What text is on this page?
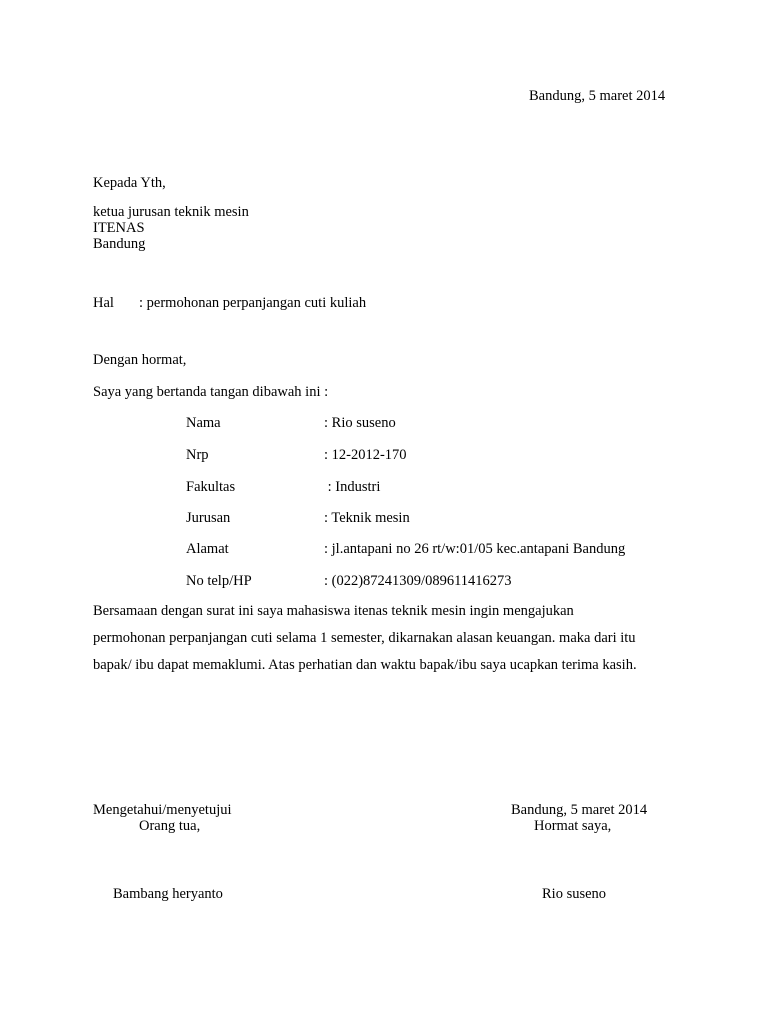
Bandung, 5 maret 2014
Kepada Yth,
ketua jurusan teknik mesin
ITENAS
Bandung
Hal : permohonan perpanjangan cuti kuliah
Dengan hormat,
Saya yang bertanda tangan dibawah ini :
Nama	: Rio suseno
Nrp	: 12-2012-170
Fakultas	: Industri
Jurusan	: Teknik mesin
Alamat	: jl.antapani no 26 rt/w:01/05 kec.antapani Bandung
No telp/HP	: (022)87241309/089611416273
Bersamaan dengan surat ini saya mahasiswa itenas teknik mesin ingin mengajukan
permohonan perpanjangan cuti selama 1 semester, dikarnakan alasan keuangan. maka dari itu
bapak/ ibu dapat memaklumi. Atas perhatian dan waktu bapak/ibu saya ucapkan terima kasih.
Mengetahui/menyetujui
Orang tua,
Bambang heryanto
Bandung, 5 maret 2014
Hormat saya,
Rio suseno
